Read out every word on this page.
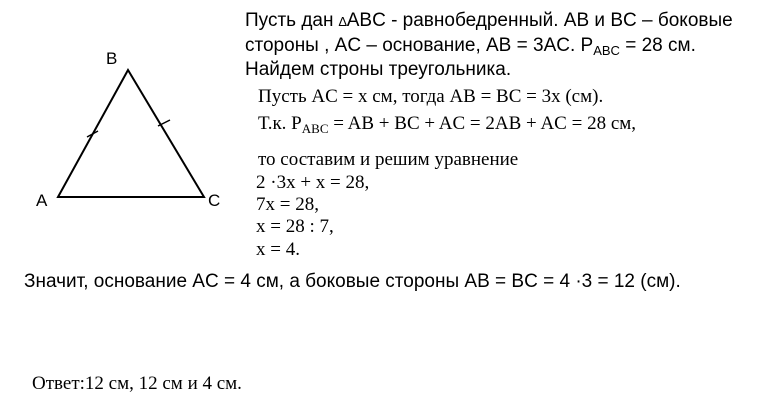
B
A	C
Пусть дан ∆ABC - равнобедренный. AB и BC – боковые
стороны , AC – основание, AB = 3AC. $P_{ABC} = 28$ см.
Найдем строны треугольника.
Пусть AC = x см, тогда AB = BC = 3x (см).
Т.к. $P_{ABC}$ = AB + BC + AC = 2AB + AC = 28 см,
то составим и решим уравнение
2 ·3x + x = 28,
7x = 28,
x = 28 : 7,
x = 4.
Значит, основание AC = 4 см, а боковые стороны AB = BC = 4 ·3 = 12 (см).
Ответ:12 см, 12 см и 4 см.
